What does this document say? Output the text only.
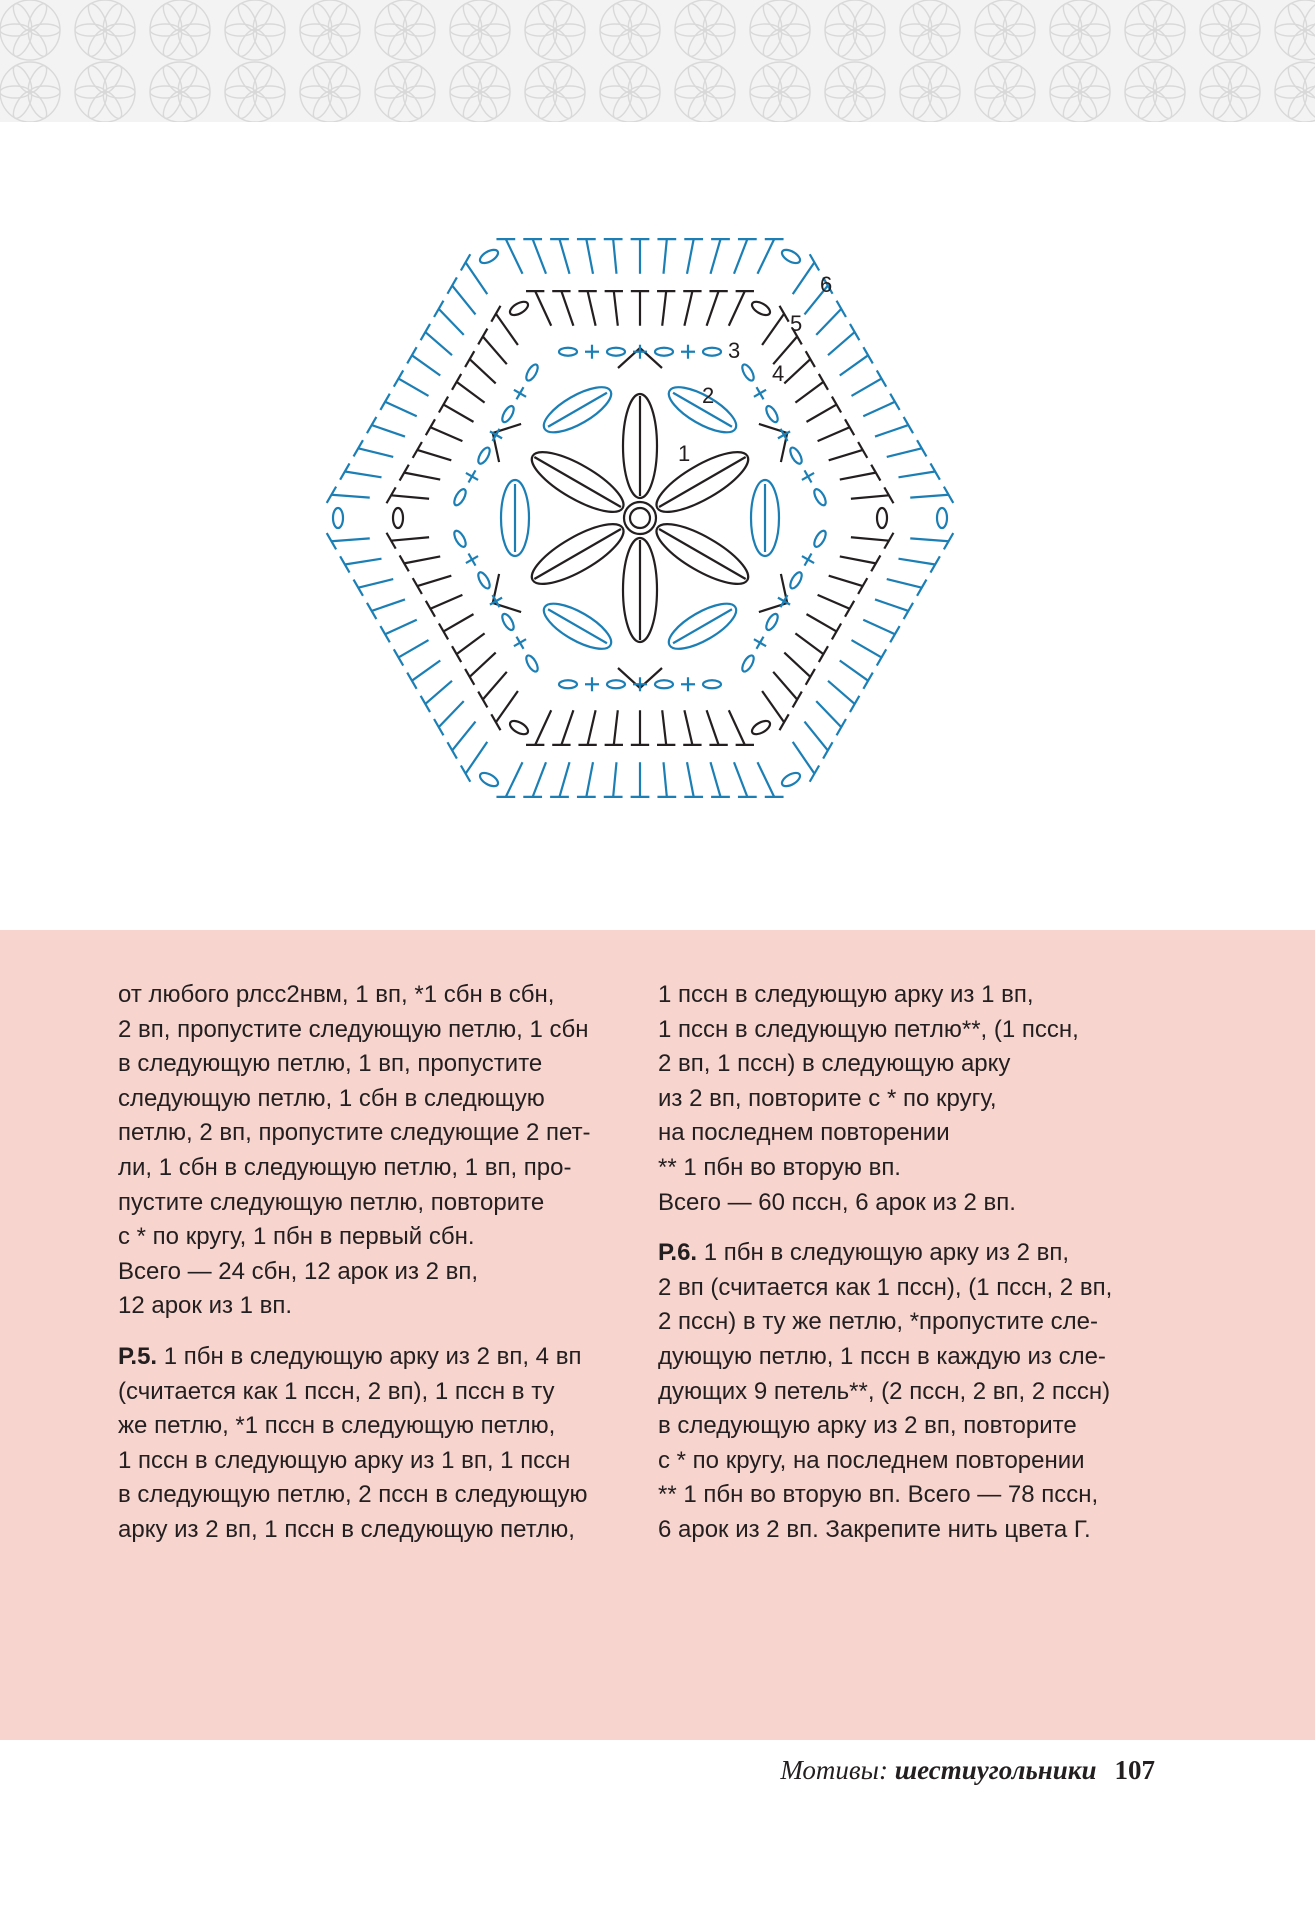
1
2
3
4
5
6

от любого рлсс2нвм, 1 вп, *1 сбн в сбн,
2 вп, пропустите следующую петлю, 1 сбн
в следующую петлю, 1 вп, пропустите
следующую петлю, 1 сбн в следющую
петлю, 2 вп, пропустите следующие 2 пет-
ли, 1 сбн в следующую петлю, 1 вп, про-
пустите следующую петлю, повторите
с * по кругу, 1 пбн в первый сбн.
Всего — 24 сбн, 12 арок из 2 вп,
12 арок из 1 вп.

Р.5. 1 пбн в следующую арку из 2 вп, 4 вп
(считается как 1 пссн, 2 вп), 1 пссн в ту
же петлю, *1 пссн в следующую петлю,
1 пссн в следующую арку из 1 вп, 1 пссн
в следующую петлю, 2 пссн в следующую
арку из 2 вп, 1 пссн в следующую петлю,

1 пссн в следующую арку из 1 вп,
1 пссн в следующую петлю**, (1 пссн,
2 вп, 1 пссн) в следующую арку
из 2 вп, повторите с * по кругу,
на последнем повторении
** 1 пбн во вторую вп.
Всего — 60 пссн, 6 арок из 2 вп.

Р.6. 1 пбн в следующую арку из 2 вп,
2 вп (считается как 1 пссн), (1 пссн, 2 вп,
2 пссн) в ту же петлю, *пропустите сле-
дующую петлю, 1 пссн в каждую из сле-
дующих 9 петель**, (2 пссн, 2 вп, 2 пссн)
в следующую арку из 2 вп, повторите
с * по кругу, на последнем повторении
** 1 пбн во вторую вп. Всего — 78 пссн,
6 арок из 2 вп. Закрепите нить цвета Г.

Мотивы: шестиугольники 107
